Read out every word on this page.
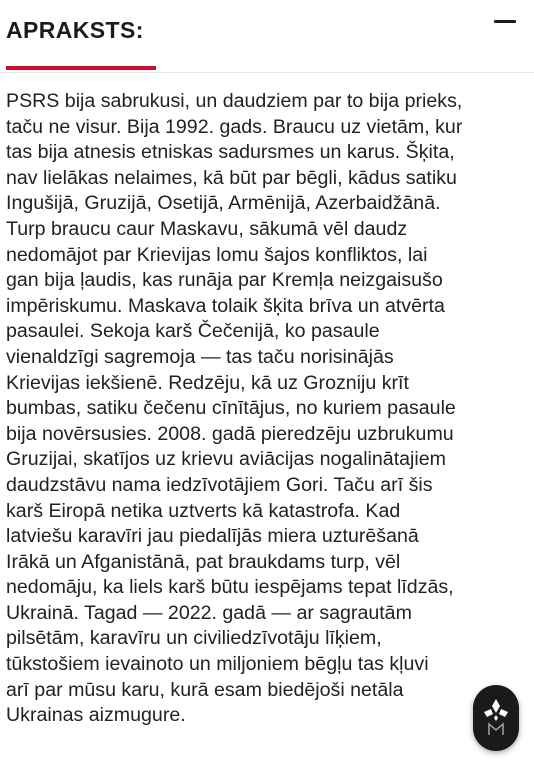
APRAKSTS:
PSRS bija sabrukusi, un daudziem par to bija prieks,
taču ne visur. Bija 1992. gads. Braucu uz vietām, kur
tas bija atnesis etniskas sadursmes un karus. Šķita,
nav lielākas nelaimes, kā būt par bēgli, kādus satiku
Ingušijā, Gruzijā, Osetijā, Armēnijā, Azerbaidžānā.
Turp braucu caur Maskavu, sākumā vēl daudz
nedomājot par Krievijas lomu šajos konfliktos, lai
gan bija ļaudis, kas runāja par Kremļa neizgaisušo
impēriskumu. Maskava tolaik šķita brīva un atvērta
pasaulei. Sekoja karš Čečenijā, ko pasaule
vienaldzīgi sagremoja — tas taču norisinājās
Krievijas iekšienē. Redzēju, kā uz Grozniju krīt
bumbas, satiku čečenu cīnītājus, no kuriem pasaule
bija novērsusies. 2008. gadā pieredzēju uzbrukumu
Gruzijai, skatījos uz krievu aviācijas nogalinātajiem
daudzstāvu nama iedzīvotājiem Gori. Taču arī šis
karš Eiropā netika uztverts kā katastrofa. Kad
latviešu karavīri jau piedalījās miera uzturēšanā
Irākā un Afganistānā, pat braukdams turp, vēl
nedomāju, ka liels karš būtu iespējams tepat līdzās,
Ukrainā. Tagad — 2022. gadā — ar sagrautām
pilsētām, karavīru un civiliedzīvotāju līķiem,
tūkstošiem ievainoto un miljoniem bēgļu tas kļuvi
arī par mūsu karu, kurā esam biedējoši netāla
Ukrainas aizmugure.
